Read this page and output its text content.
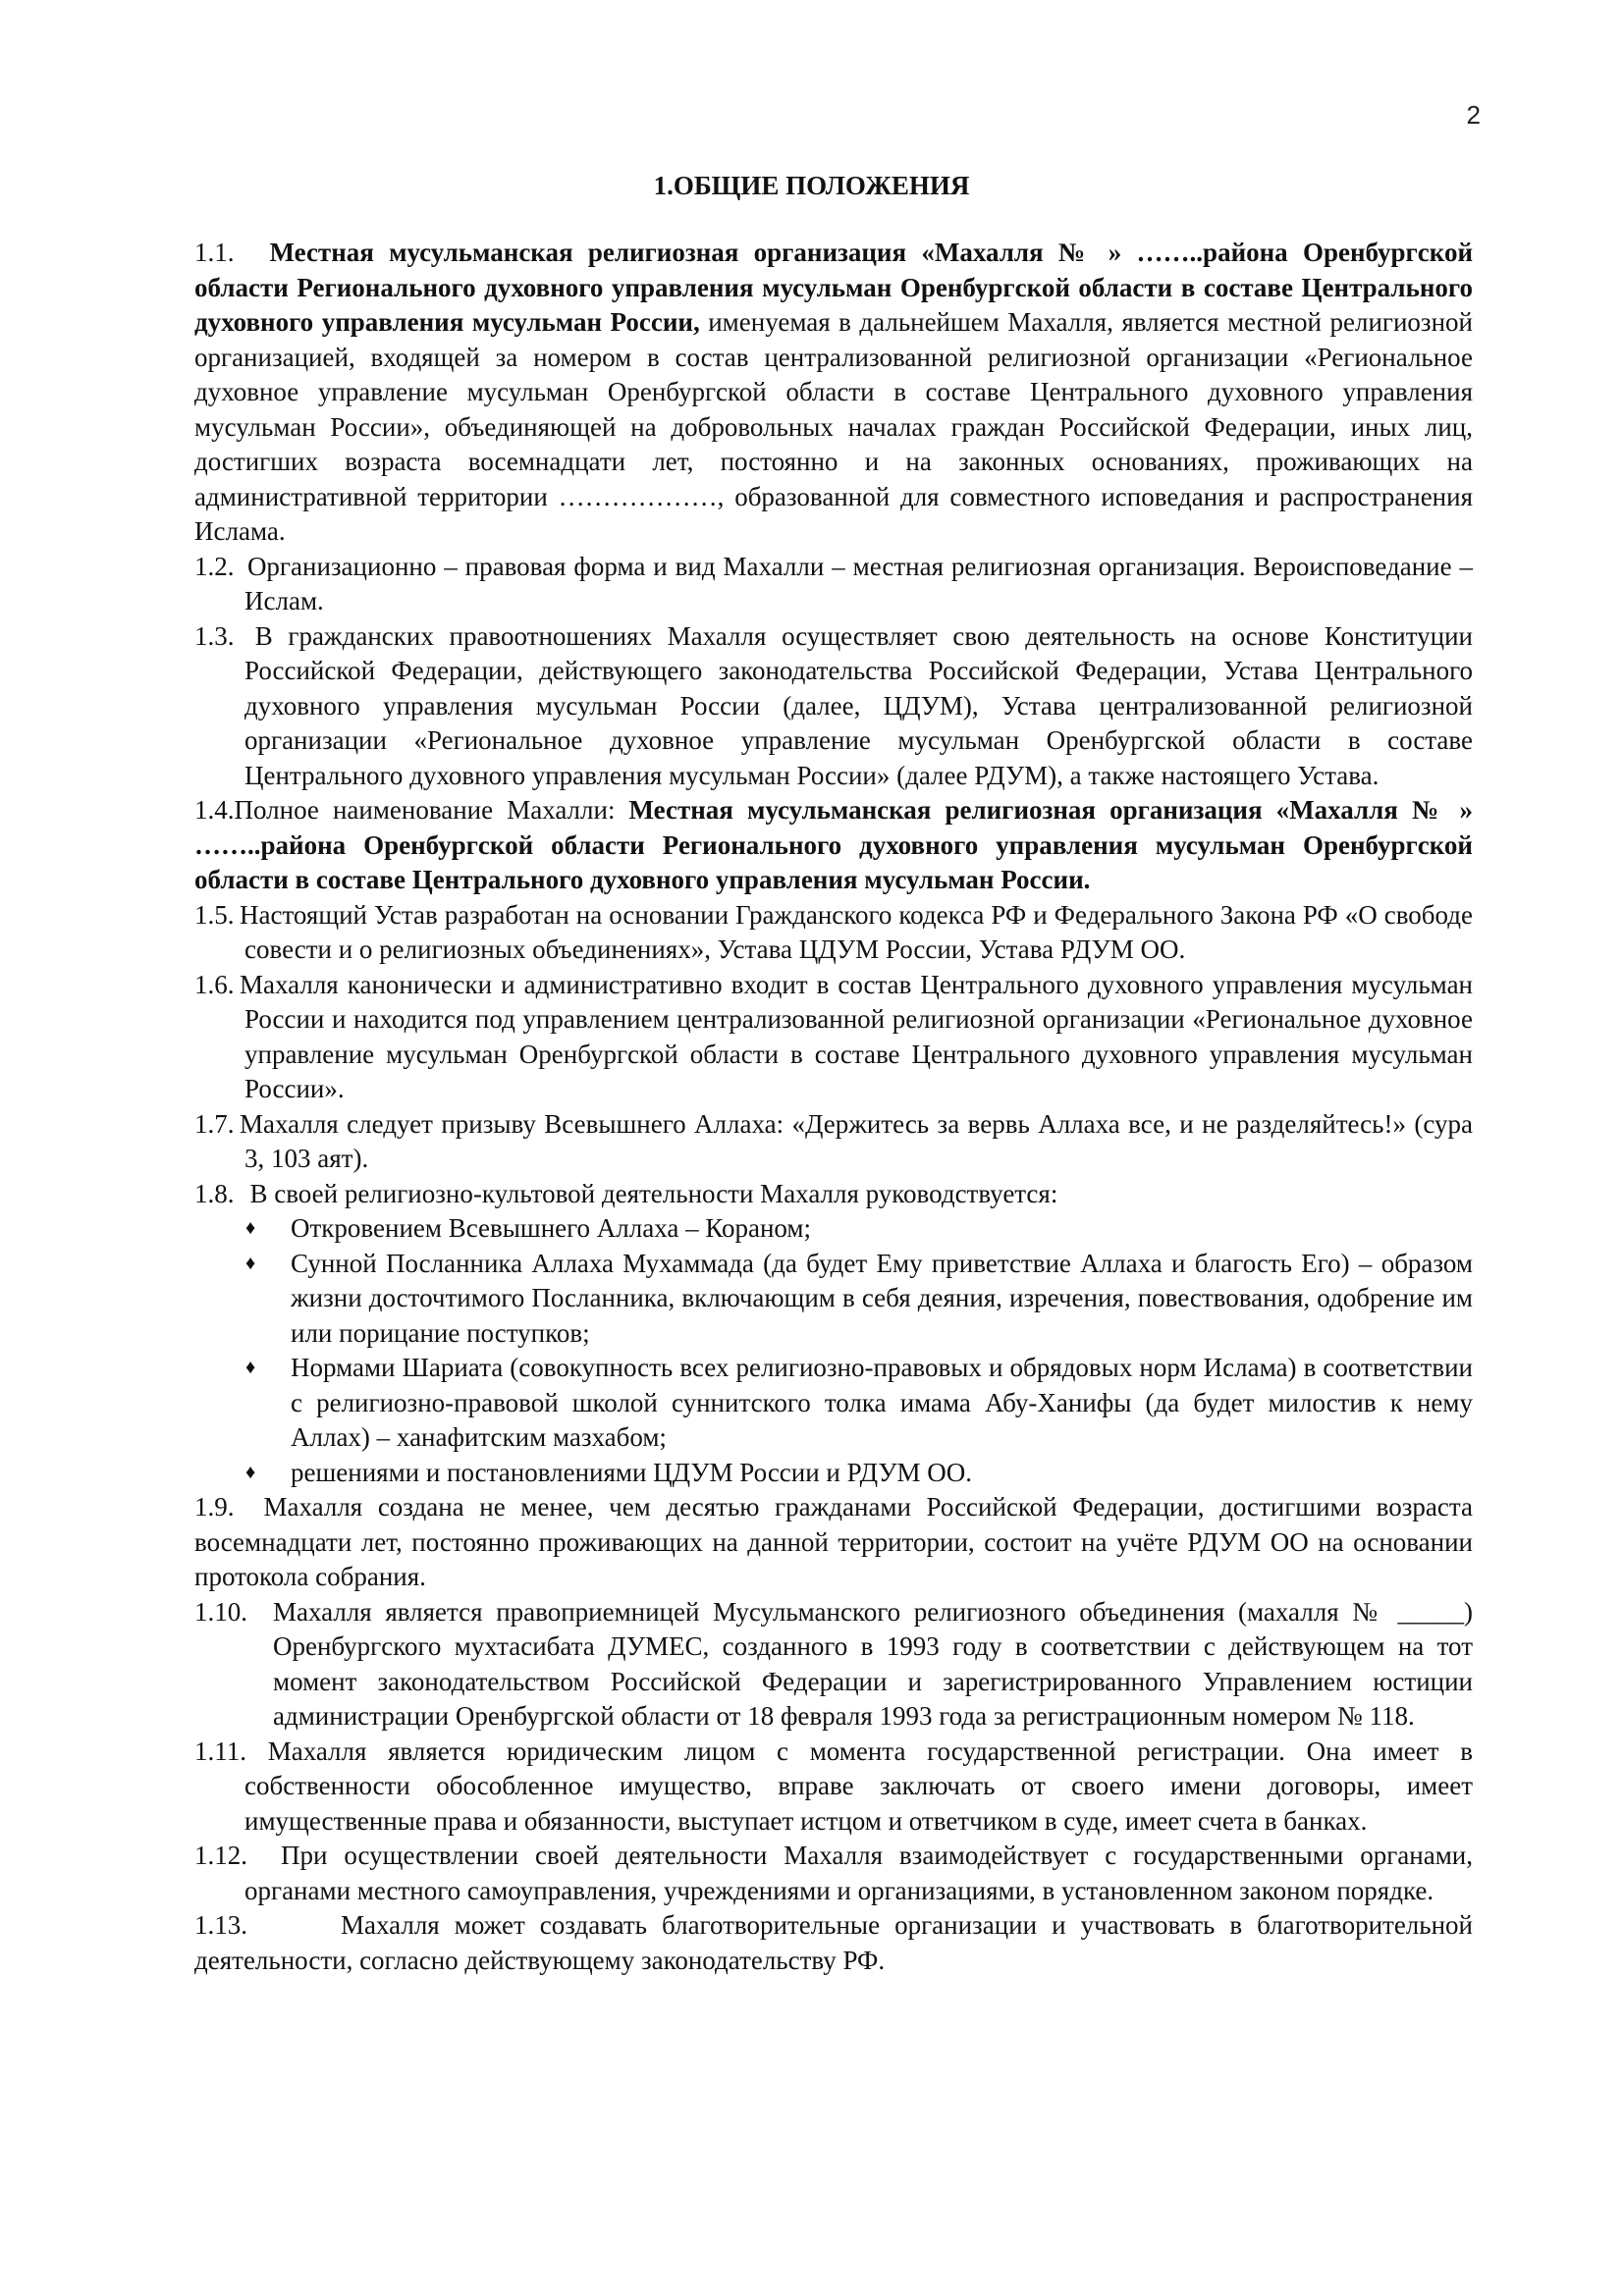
2
1.ОБЩИЕ ПОЛОЖЕНИЯ

1.1. Местная мусульманская религиозная организация «Махалля № » ……..района Оренбургской области Регионального духовного управления мусульман Оренбургской области в составе Центрального духовного управления мусульман России, именуемая в дальнейшем Махалля, является местной религиозной организацией, входящей за номером в состав централизованной религиозной организации «Региональное духовное управление мусульман Оренбургской области в составе Центрального духовного управления мусульман России», объединяющей на добровольных началах граждан Российской Федерации, иных лиц, достигших возраста восемнадцати лет, постоянно и на законных основаниях, проживающих на административной территории ………………, образованной для совместного исповедания и распространения Ислама.

1.2. Организационно – правовая форма и вид Махалли – местная религиозная организация. Вероисповедание – Ислам.

1.3. В гражданских правоотношениях Махалля осуществляет свою деятельность на основе Конституции Российской Федерации, действующего законодательства Российской Федерации, Устава Центрального духовного управления мусульман России (далее, ЦДУМ), Устава централизованной религиозной организации «Региональное духовное управление мусульман Оренбургской области в составе Центрального духовного управления мусульман России» (далее РДУМ), а также настоящего Устава.

1.4.Полное наименование Махалли: Местная мусульманская религиозная организация «Махалля № » ……..района Оренбургской области Регионального духовного управления мусульман Оренбургской области в составе Центрального духовного управления мусульман России.

1.5. Настоящий Устав разработан на основании Гражданского кодекса РФ и Федерального Закона РФ «О свободе совести и о религиозных объединениях», Устава ЦДУМ России, Устава РДУМ ОО.

1.6. Махалля канонически и административно входит в состав Центрального духовного управления мусульман России и находится под управлением централизованной религиозной организации «Региональное духовное управление мусульман Оренбургской области в составе Центрального духовного управления мусульман России».

1.7. Махалля следует призыву Всевышнего Аллаха: «Держитесь за вервь Аллаха все, и не разделяйтесь!» (сура 3, 103 аят).

1.8. В своей религиозно-культовой деятельности Махалля руководствуется:

♦ Откровением Всевышнего Аллаха – Кораном;
♦ Сунной Посланника Аллаха Мухаммада (да будет Ему приветствие Аллаха и благость Его) – образом жизни досточтимого Посланника, включающим в себя деяния, изречения, повествования, одобрение им или порицание поступков;
♦ Нормами Шариата (совокупность всех религиозно-правовых и обрядовых норм Ислама) в соответствии с религиозно-правовой школой суннитского толка имама Абу-Ханифы (да будет милостив к нему Аллах) – ханафитским мазхабом;
♦ решениями и постановлениями ЦДУМ России и РДУМ ОО.

1.9. Махалля создана не менее, чем десятью гражданами Российской Федерации, достигшими возраста восемнадцати лет, постоянно проживающих на данной территории, состоит на учёте РДУМ ОО на основании протокола собрания.

1.10. Махалля является правоприемницей Мусульманского религиозного объединения (махалля № _____) Оренбургского мухтасибата ДУМЕС, созданного в 1993 году в соответствии с действующем на тот момент законодательством Российской Федерации и зарегистрированного Управлением юстиции администрации Оренбургской области от 18 февраля 1993 года за регистрационным номером № 118.

1.11. Махалля является юридическим лицом с момента государственной регистрации. Она имеет в собственности обособленное имущество, вправе заключать от своего имени договоры, имеет имущественные права и обязанности, выступает истцом и ответчиком в суде, имеет счета в банках.

1.12. При осуществлении своей деятельности Махалля взаимодействует с государственными органами, органами местного самоуправления, учреждениями и организациями, в установленном законом порядке.

1.13.	Махалля может создавать благотворительные организации и участвовать в благотворительной деятельности, согласно действующему законодательству РФ.
